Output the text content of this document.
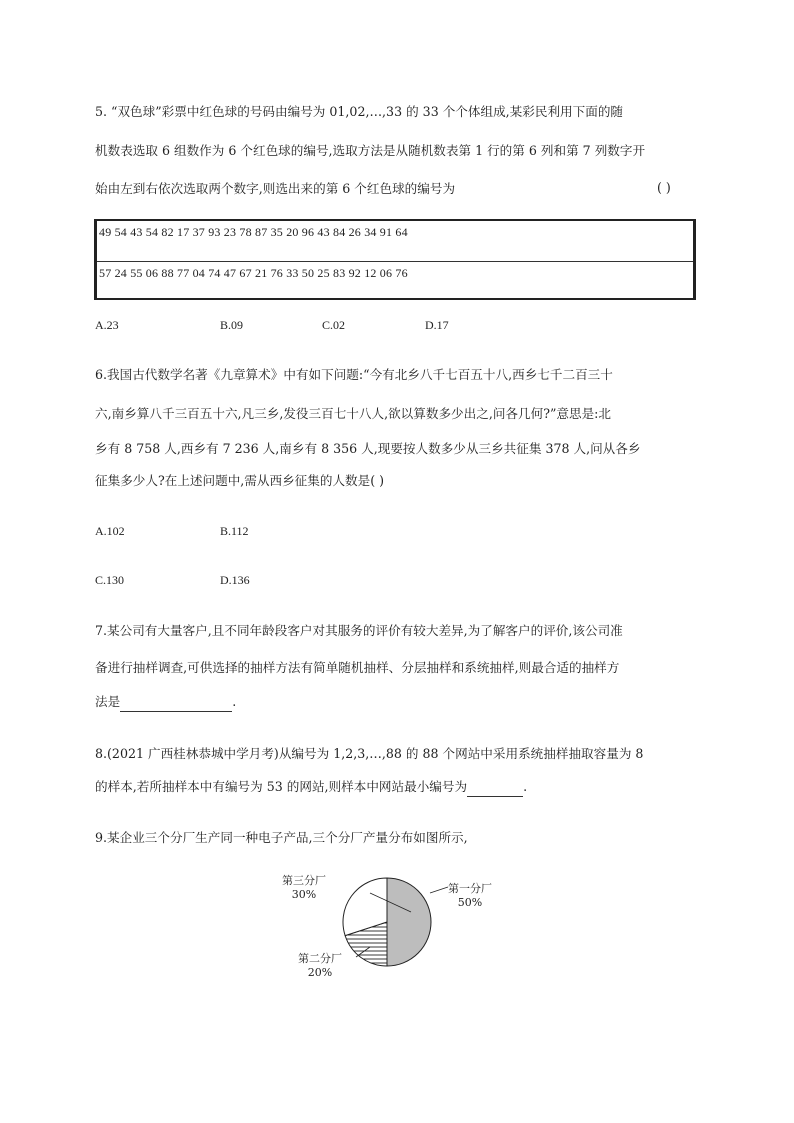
5. “双色球”彩票中红色球的号码由编号为 01,02,…,33 的 33 个个体组成,某彩民利用下面的随
机数表选取 6 组数作为 6 个红色球的编号,选取方法是从随机数表第 1 行的第 6 列和第 7 列数字开
始由左到右依次选取两个数字,则选出来的第 6 个红色球的编号为	( )
49 54 43 54 82 17 37 93 23 78 87 35 20 96 43 84 26 34 91 64
57 24 55 06 88 77 04 74 47 67 21 76 33 50 25 83 92 12 06 76
A.23	B.09	C.02	D.17
6.我国古代数学名著《九章算术》中有如下问题:“今有北乡八千七百五十八,西乡七千二百三十
六,南乡算八千三百五十六,凡三乡,发役三百七十八人,欲以算数多少出之,问各几何?”意思是:北
乡有 8 758 人,西乡有 7 236 人,南乡有 8 356 人,现要按人数多少从三乡共征集 378 人,问从各乡
征集多少人?在上述问题中,需从西乡征集的人数是( )
A.102	B.112
C.130	D.136
7.某公司有大量客户,且不同年龄段客户对其服务的评价有较大差异,为了解客户的评价,该公司准
备进行抽样调查,可供选择的抽样方法有简单随机抽样、分层抽样和系统抽样,则最合适的抽样方
法是	.
8.(2021 广西桂林恭城中学月考)从编号为 1,2,3,…,88 的 88 个网站中采用系统抽样抽取容量为 8
的样本,若所抽样本中有编号为 53 的网站,则样本中网站最小编号为	.
9.某企业三个分厂生产同一种电子产品,三个分厂产量分布如图所示,
第三分厂
30%	第一分厂
50%
第二分厂
20%
